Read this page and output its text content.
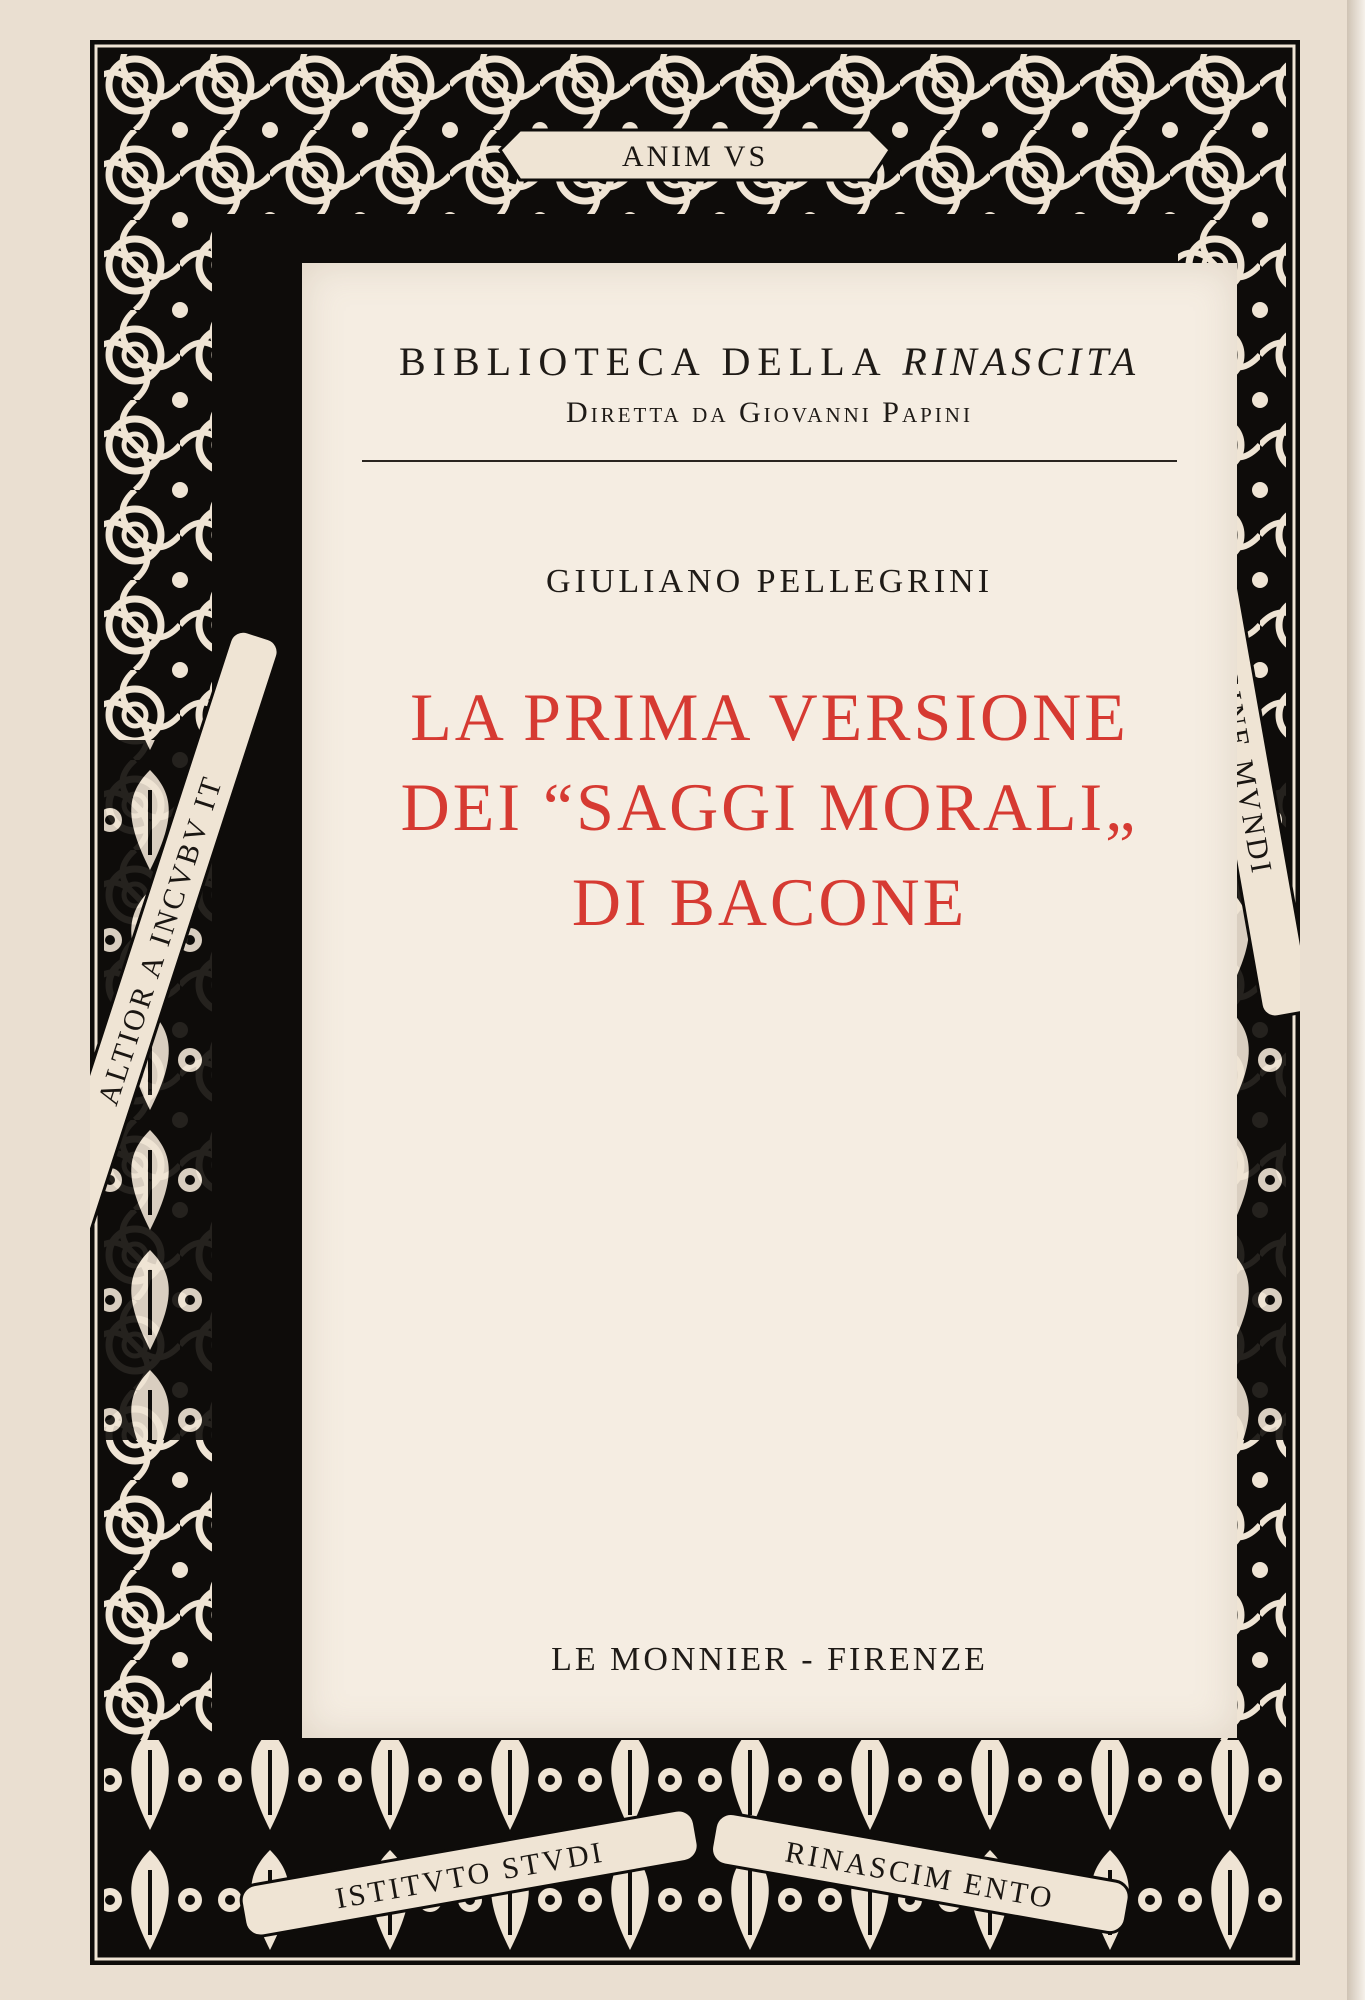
ANIM VS
ALTIOR A INCVBV IT	MVNDI
ISTITVTO STVDI	RINASCIM ENTO
BIBLIOTECA DELLA RINASCITA
Diretta da Giovanni Papini
GIULIANO PELLEGRINI
LA PRIMA VERSIONE
DEI “SAGGI MORALI„
DI BACONE
LE MONNIER - FIRENZE
